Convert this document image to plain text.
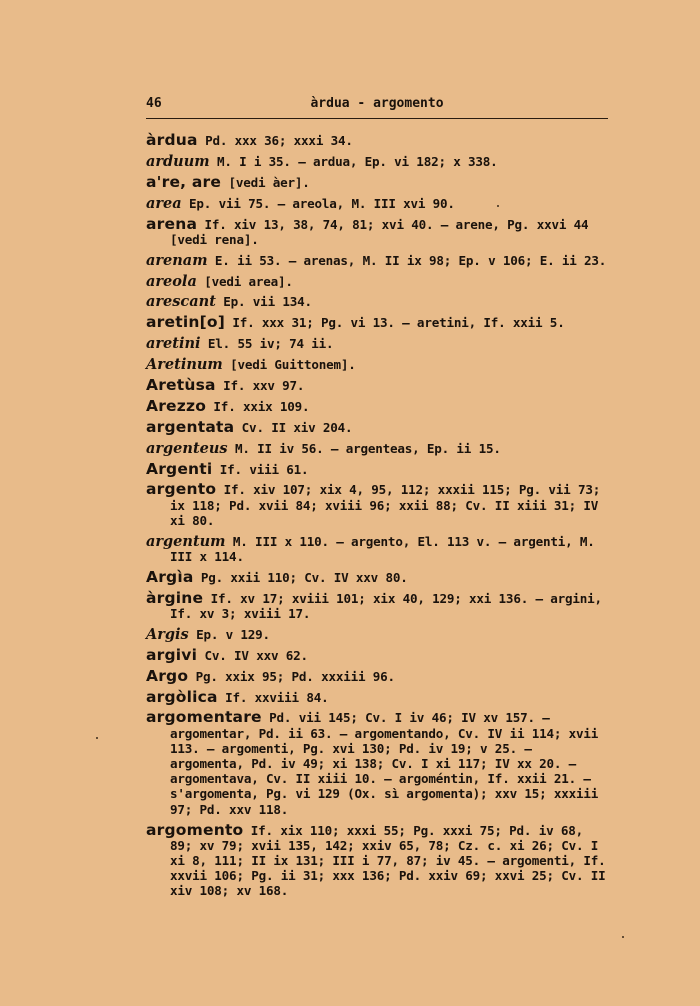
46	àrdua - argomento
àrdua Pd. xxx 36; xxxi 34.
arduum M. I i 35. – ardua, Ep. vi 182; x 338.
a're, are [vedi àer].
area Ep. vii 75. – areola, M. III xvi 90.
arena If. xiv 13, 38, 74, 81; xvi 40. – arene, Pg. xxvi 44 [vedi rena].
arenam E. ii 53. – arenas, M. II ix 98; Ep. v 106; E. ii 23.
areola [vedi area].
arescant Ep. vii 134.
aretin[o] If. xxx 31; Pg. vi 13. – aretini, If. xxii 5.
aretini El. 55 iv; 74 ii.
Aretinum [vedi Guittonem].
Aretùsa If. xxv 97.
Arezzo If. xxix 109.
argentata Cv. II xiv 204.
argenteus M. II iv 56. – argenteas, Ep. ii 15.
Argenti If. viii 61.
argento If. xiv 107; xix 4, 95, 112; xxxii 115; Pg. vii 73; ix 118; Pd. xvii 84; xviii 96; xxii 88; Cv. II xiii 31; IV xi 80.
argentum M. III x 110. – argento, El. 113 v. – argenti, M. III x 114.
Argìa Pg. xxii 110; Cv. IV xxv 80.
àrgine If. xv 17; xviii 101; xix 40, 129; xxi 136. – argini, If. xv 3; xviii 17.
Argis Ep. v 129.
argivi Cv. IV xxv 62.
Argo Pg. xxix 95; Pd. xxxiii 96.
argòlica If. xxviii 84.
argomentare Pd. vii 145; Cv. I iv 46; IV xv 157. – argomentar, Pd. ii 63. – argomentando, Cv. IV ii 114; xvii 113. – argomenti, Pg. xvi 130; Pd. iv 19; v 25. – argomenta, Pd. iv 49; xi 138; Cv. I xi 117; IV xx 20. – argomentava, Cv. II xiii 10. – argoméntin, If. xxii 21. – s'argomenta, Pg. vi 129 (Ox. sì argomenta); xxv 15; xxxiii 97; Pd. xxv 118.
argomento If. xix 110; xxxi 55; Pg. xxxi 75; Pd. iv 68, 89; xv 79; xvii 135, 142; xxiv 65, 78; Cz. c. xi 26; Cv. I xi 8, 111; II ix 131; III i 77, 87; iv 45. – argomenti, If. xxvii 106; Pg. ii 31; xxx 136; Pd. xxiv 69; xxvi 25; Cv. II xiv 108; xv 168.
